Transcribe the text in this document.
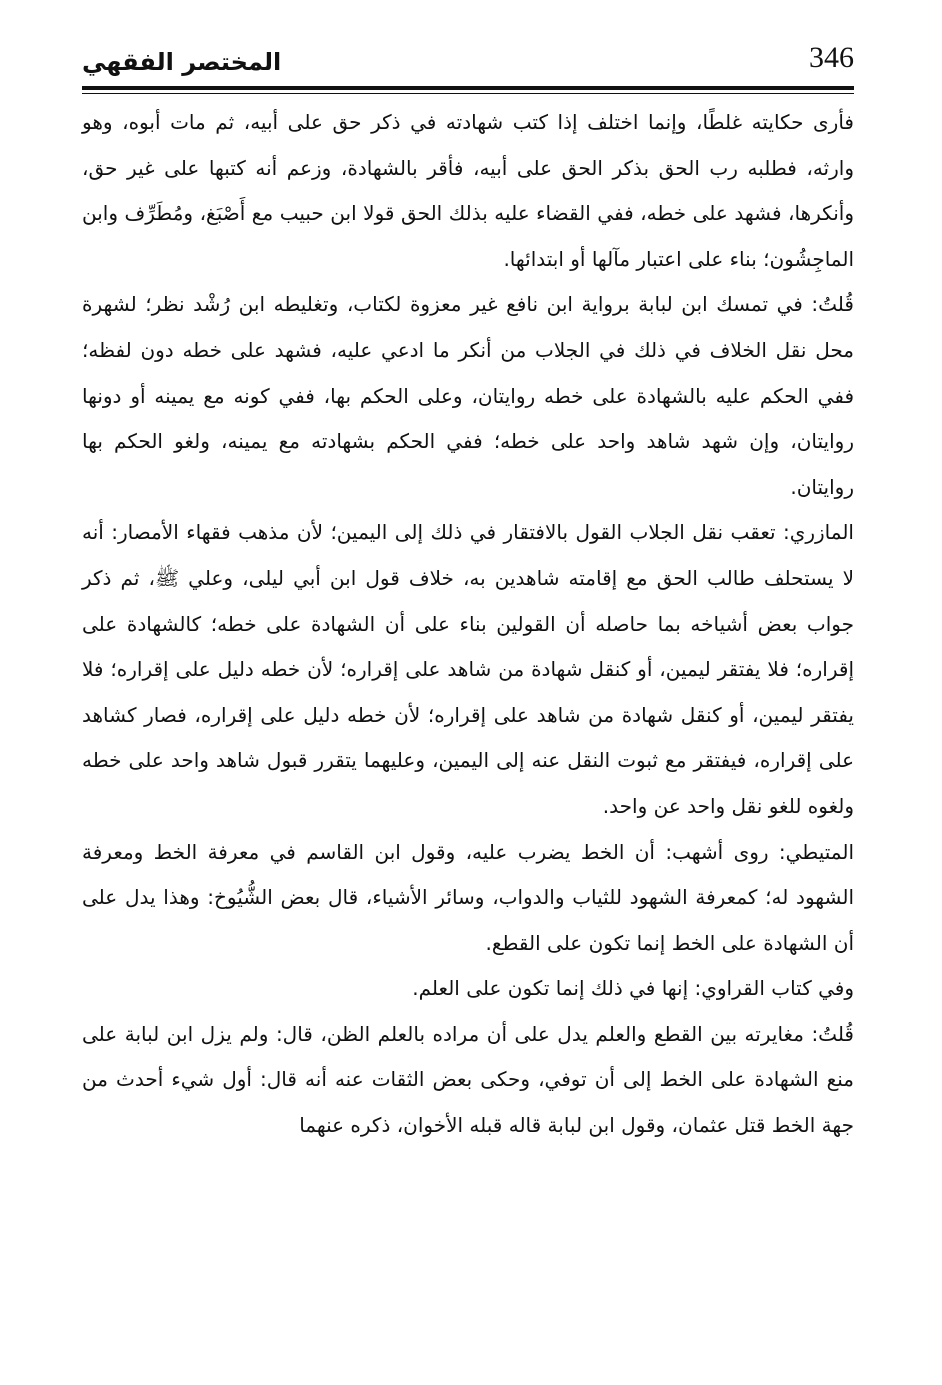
346
المختصر الفقهي

فأرى حكايته غلطًا، وإنما اختلف إذا كتب شهادته في ذكر حق على أبيه، ثم مات أبوه، وهو وارثه، فطلبه رب الحق بذكر الحق على أبيه، فأقر بالشهادة، وزعم أنه كتبها على غير حق، وأنكرها، فشهد على خطه، ففي القضاء عليه بذلك الحق قولا ابن حبيب مع أَصْبَغ، ومُطَرِّف وابن الماجِشُون؛ بناء على اعتبار مآلها أو ابتدائها.

قُلتُ: في تمسك ابن لبابة برواية ابن نافع غير معزوة لكتاب، وتغليطه ابن رُشْد نظر؛ لشهرة محل نقل الخلاف في ذلك في الجلاب من أنكر ما ادعي عليه، فشهد على خطه دون لفظه؛ ففي الحكم عليه بالشهادة على خطه روايتان، وعلى الحكم بها، ففي كونه مع يمينه أو دونها روايتان، وإن شهد شاهد واحد على خطه؛ ففي الحكم بشهادته مع يمينه، ولغو الحكم بها روايتان.

المازري: تعقب نقل الجلاب القول بالافتقار في ذلك إلى اليمين؛ لأن مذهب فقهاء الأمصار: أنه لا يستحلف طالب الحق مع إقامته شاهدين به، خلاف قول ابن أبي ليلى، وعلي ﷺ، ثم ذكر جواب بعض أشياخه بما حاصله أن القولين بناء على أن الشهادة على خطه؛ كالشهادة على إقراره؛ فلا يفتقر ليمين، أو كنقل شهادة من شاهد على إقراره؛ لأن خطه دليل على إقراره؛ فلا يفتقر ليمين، أو كنقل شهادة من شاهد على إقراره؛ لأن خطه دليل على إقراره، فصار كشاهد على إقراره، فيفتقر مع ثبوت النقل عنه إلى اليمين، وعليهما يتقرر قبول شاهد واحد على خطه ولغوه للغو نقل واحد عن واحد.

المتيطي: روى أشهب: أن الخط يضرب عليه، وقول ابن القاسم في معرفة الخط ومعرفة الشهود له؛ كمعرفة الشهود للثياب والدواب، وسائر الأشياء، قال بعض الشُّيُوخ: وهذا يدل على أن الشهادة على الخط إنما تكون على القطع.

وفي كتاب القراوي: إنها في ذلك إنما تكون على العلم.

قُلتُ: مغايرته بين القطع والعلم يدل على أن مراده بالعلم الظن، قال: ولم يزل ابن لبابة على منع الشهادة على الخط إلى أن توفي، وحكى بعض الثقات عنه أنه قال: أول شيء أحدث من جهة الخط قتل عثمان، وقول ابن لبابة قاله قبله الأخوان، ذكره عنهما
